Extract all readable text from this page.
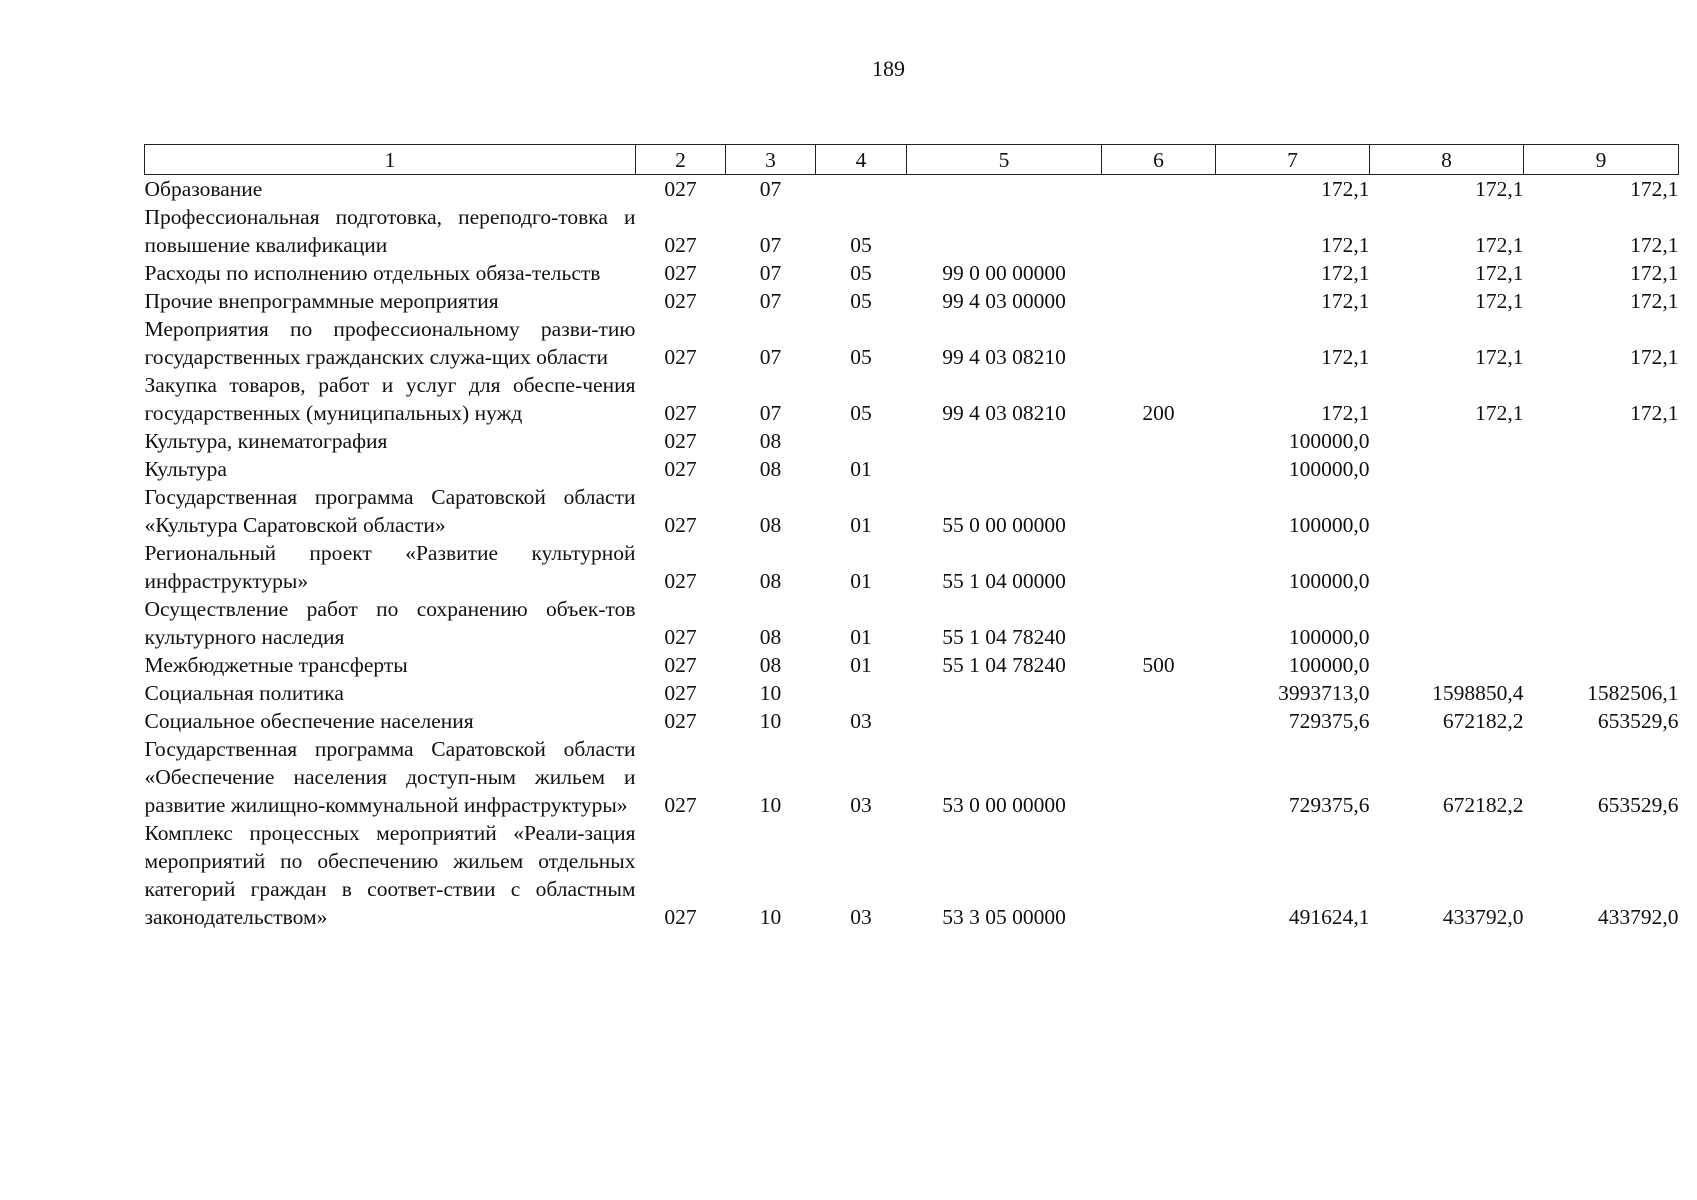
189
1	2	3	4	5	6	7	8	9
Образование	027	07				172,1	172,1	172,1
Профессиональная подготовка, переподго-товка и повышение квалификации	027	07	05			172,1	172,1	172,1
Расходы по исполнению отдельных обяза-тельств	027	07	05	99 0 00 00000		172,1	172,1	172,1
Прочие внепрограммные мероприятия	027	07	05	99 4 03 00000		172,1	172,1	172,1
Мероприятия по профессиональному разви-тию государственных гражданских служа-щих области	027	07	05	99 4 03 08210		172,1	172,1	172,1
Закупка товаров, работ и услуг для обеспе-чения государственных (муниципальных) нужд	027	07	05	99 4 03 08210	200	172,1	172,1	172,1
Культура, кинематография	027	08				100000,0		
Культура	027	08	01			100000,0		
Государственная программа Саратовской области «Культура Саратовской области»	027	08	01	55 0 00 00000		100000,0		
Региональный проект «Развитие культурной инфраструктуры»	027	08	01	55 1 04 00000		100000,0		
Осуществление работ по сохранению объек-тов культурного наследия	027	08	01	55 1 04 78240		100000,0		
Межбюджетные трансферты	027	08	01	55 1 04 78240	500	100000,0		
Социальная политика	027	10				3993713,0	1598850,4	1582506,1
Социальное обеспечение населения	027	10	03			729375,6	672182,2	653529,6
Государственная программа Саратовской области «Обеспечение населения доступ-ным жильем и развитие жилищно-коммунальной инфраструктуры»	027	10	03	53 0 00 00000		729375,6	672182,2	653529,6
Комплекс процессных мероприятий «Реали-зация мероприятий по обеспечению жильем отдельных категорий граждан в соответ-ствии с областным законодательством»	027	10	03	53 3 05 00000		491624,1	433792,0	433792,0
